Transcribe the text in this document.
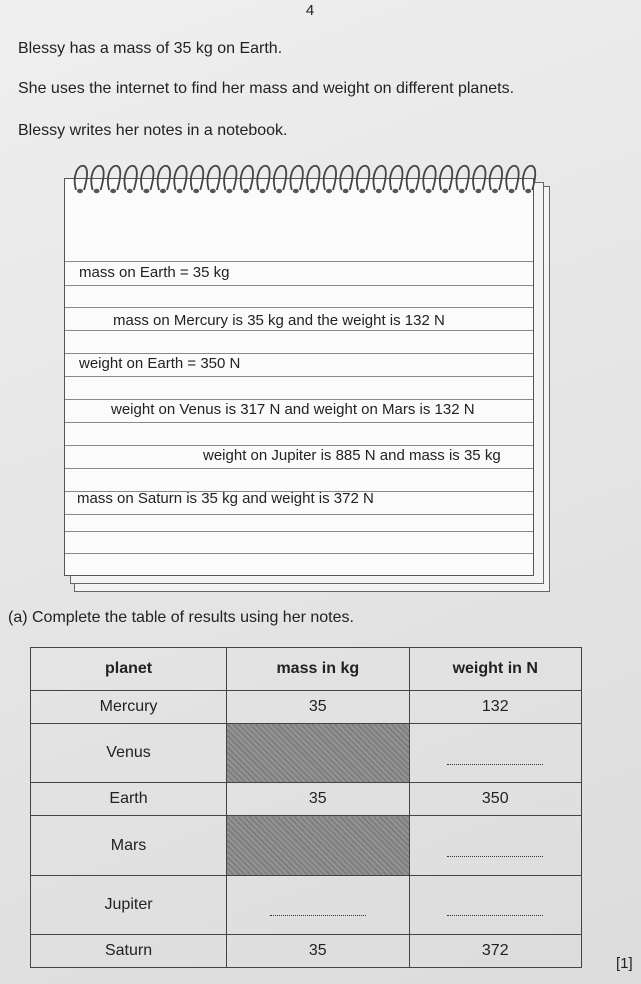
4
Blessy has a mass of 35 kg on Earth.
She uses the internet to find her mass and weight on different planets.
Blessy writes her notes in a notebook.
mass on Earth = 35 kg
mass on Mercury is 35 kg and the weight is 132 N
weight on Earth = 350 N
weight on Venus is 317 N and weight on Mars is 132 N
weight on Jupiter is 885 N and mass is 35 kg
mass on Saturn is 35 kg and weight is 372 N
(a) Complete the table of results using her notes.
planet	mass in kg	weight in N
Mercury	35	132
Venus		
Earth	35	350
Mars		
Jupiter		
Saturn	35	372
[1]
